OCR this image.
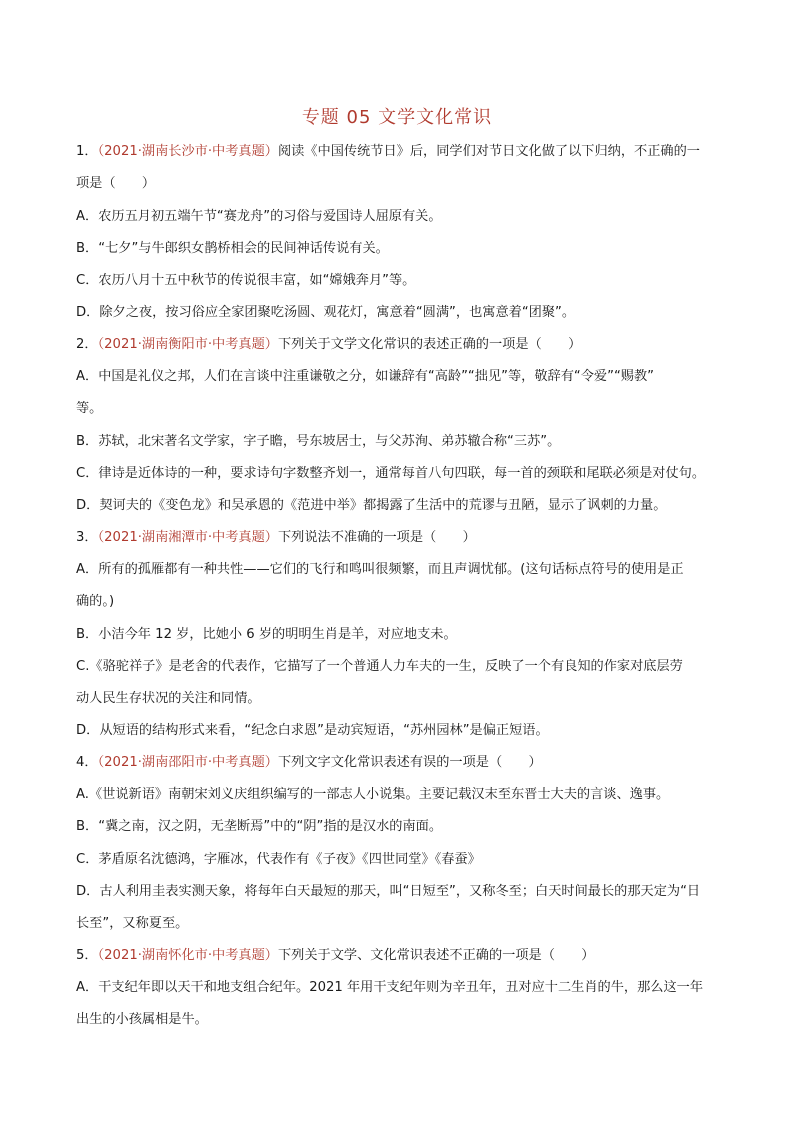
专题 05 文学文化常识
1．（2021·湖南长沙市·中考真题）阅读《中国传统节日》后，同学们对节日文化做了以下归纳，不正确的一
项是（　　）
A．农历五月初五端午节“赛龙舟”的习俗与爱国诗人屈原有关。
B．“七夕”与牛郎织女鹊桥相会的民间神话传说有关。
C．农历八月十五中秋节的传说很丰富，如“嫦娥奔月”等。
D．除夕之夜，按习俗应全家团聚吃汤圆、观花灯，寓意着“圆满”，也寓意着“团聚”。
2．（2021·湖南衡阳市·中考真题）下列关于文学文化常识的表述正确的一项是（　　）
A．中国是礼仪之邦，人们在言谈中注重谦敬之分，如谦辞有“高龄”“拙见”等，敬辞有“令爱”“赐教”
等。
B．苏轼，北宋著名文学家，字子瞻，号东坡居士，与父苏洵、弟苏辙合称“三苏”。
C．律诗是近体诗的一种，要求诗句字数整齐划一，通常每首八句四联，每一首的颈联和尾联必须是对仗句。
D．契诃夫的《变色龙》和吴承恩的《范进中举》都揭露了生活中的荒谬与丑陋，显示了讽刺的力量。
3．（2021·湖南湘潭市·中考真题）下列说法不准确的一项是（　　）
A．所有的孤雁都有一种共性——它们的飞行和鸣叫很频繁，而且声调忧郁。(这句话标点符号的使用是正
确的。)
B．小洁今年 12 岁，比她小 6 岁的明明生肖是羊，对应地支未。
C.《骆驼祥子》是老舍的代表作，它描写了一个普通人力车夫的一生，反映了一个有良知的作家对底层劳
动人民生存状况的关注和同情。
D．从短语的结构形式来看，“纪念白求恩”是动宾短语，“苏州园林”是偏正短语。
4．（2021·湖南邵阳市·中考真题）下列文字文化常识表述有误的一项是（　　）
A.《世说新语》南朝宋刘义庆组织编写的一部志人小说集。主要记载汉末至东晋士大夫的言谈、逸事。
B．“冀之南，汉之阴，无垄断焉”中的“阴”指的是汉水的南面。
C．茅盾原名沈德鸿，字雁冰，代表作有《子夜》《四世同堂》《春蚕》
D．古人利用圭表实测天象，将每年白天最短的那天，叫“日短至”，又称冬至；白天时间最长的那天定为“日
长至”，又称夏至。
5．（2021·湖南怀化市·中考真题）下列关于文学、文化常识表述不正确的一项是（　　）
A．干支纪年即以天干和地支组合纪年。2021 年用干支纪年则为辛丑年，丑对应十二生肖的牛，那么这一年
出生的小孩属相是牛。
